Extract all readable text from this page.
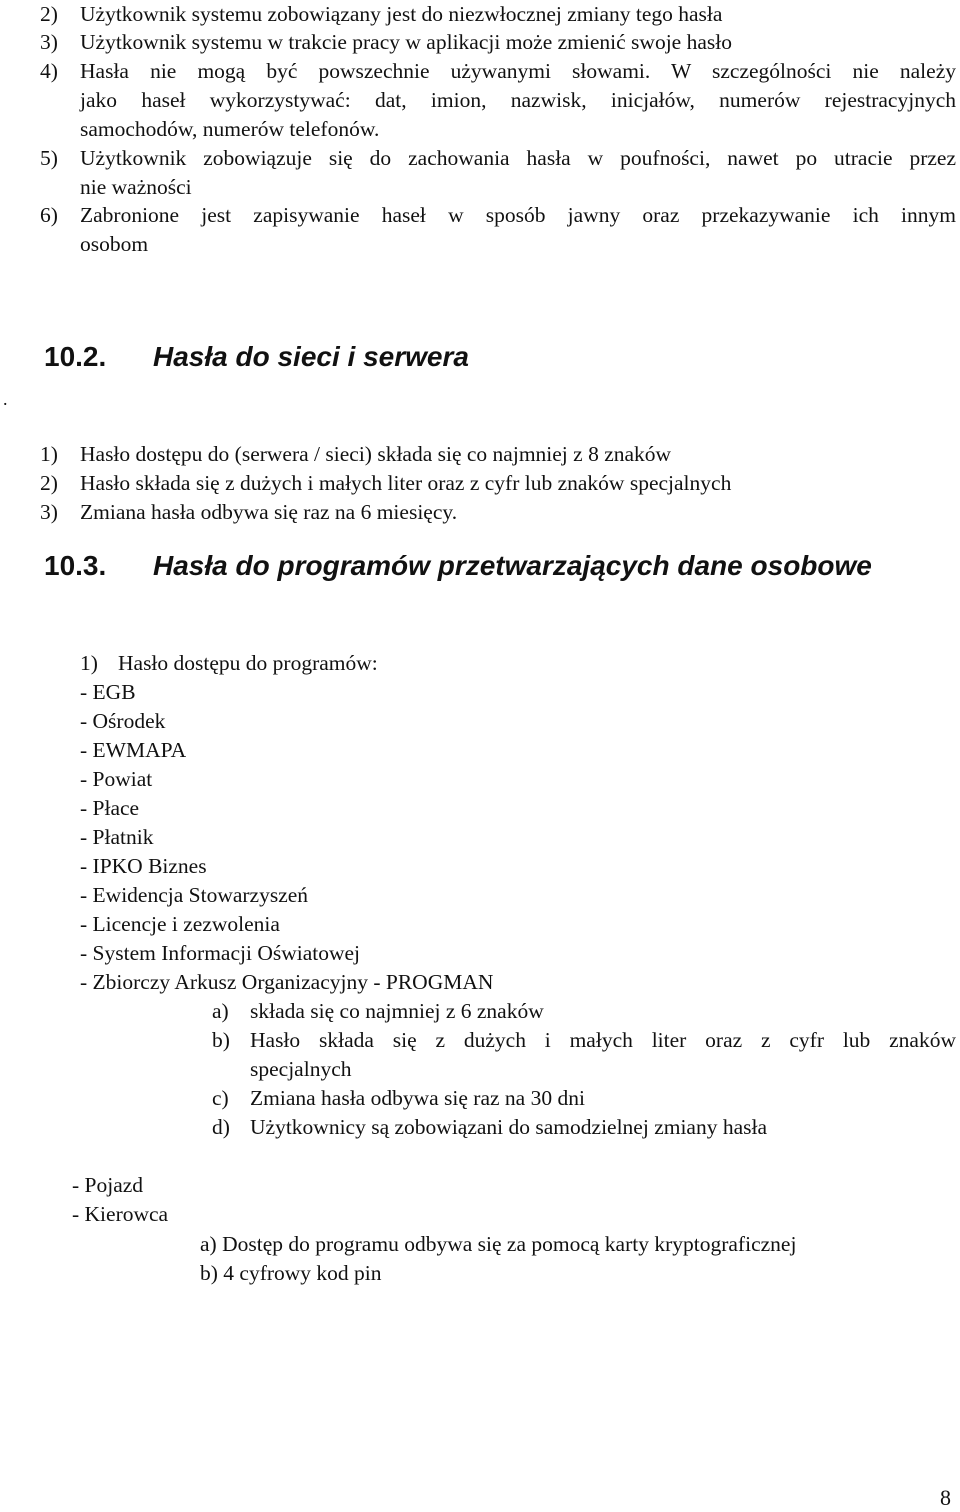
2) Użytkownik systemu zobowiązany jest do niezwłocznej zmiany tego hasła
3) Użytkownik systemu w trakcie pracy w aplikacji może zmienić swoje hasło
4) Hasła nie mogą być powszechnie używanymi słowami. W szczególności nie należy
jako haseł wykorzystywać: dat, imion, nazwisk, inicjałów, numerów rejestracyjnych
samochodów, numerów telefonów.
5) Użytkownik zobowiązuje się do zachowania hasła w poufności, nawet po utracie przez
nie ważności
6) Zabronione jest zapisywanie haseł w sposób jawny oraz przekazywanie ich innym
osobom
.
10.2. Hasła do sieci i serwera
1) Hasło dostępu do (serwera / sieci) składa się co najmniej z 8 znaków
2) Hasło składa się z dużych i małych liter oraz z cyfr lub znaków specjalnych
3) Zmiana hasła odbywa się raz na 6 miesięcy.
10.3. Hasła do programów przetwarzających dane osobowe
1) Hasło dostępu do programów:
- EGB
- Ośrodek
- EWMAPA
- Powiat
- Płace
- Płatnik
- IPKO Biznes
- Ewidencja Stowarzyszeń
- Licencje i zezwolenia
- System Informacji Oświatowej
- Zbiorczy Arkusz Organizacyjny - PROGMAN
a) składa się co najmniej z 6 znaków
b) Hasło składa się z dużych i małych liter oraz z cyfr lub znaków
specjalnych
c) Zmiana hasła odbywa się raz na 30 dni
d) Użytkownicy są zobowiązani do samodzielnej zmiany hasła
- Pojazd
- Kierowca
a) Dostęp do programu odbywa się za pomocą karty kryptograficznej
b) 4 cyfrowy kod pin
8
